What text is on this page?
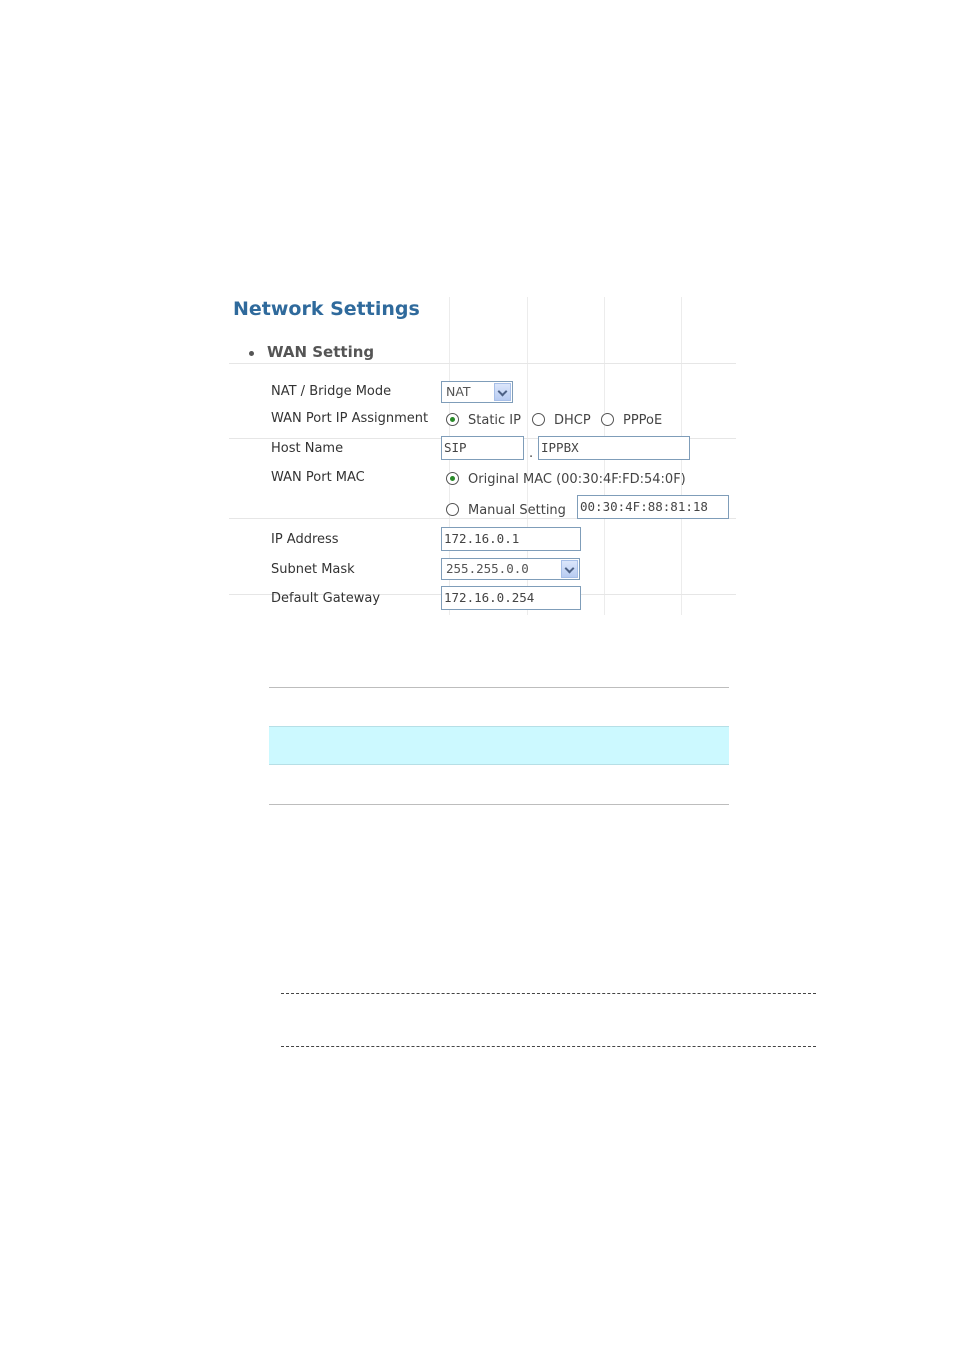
Network Settings
WAN Setting
NAT / Bridge Mode	NAT
WAN Port IP Assignment	Static IP	DHCP PPPoE
Host Name	SIP	. IPPBX
WAN Port MAC	Original MAC (00:30:4F:FD:54:0F)
Manual Setting 00:30:4F:88:81:18
IP Address	172.16.0.1
Subnet Mask	255.255.0.0
Default Gateway	172.16.0.254
